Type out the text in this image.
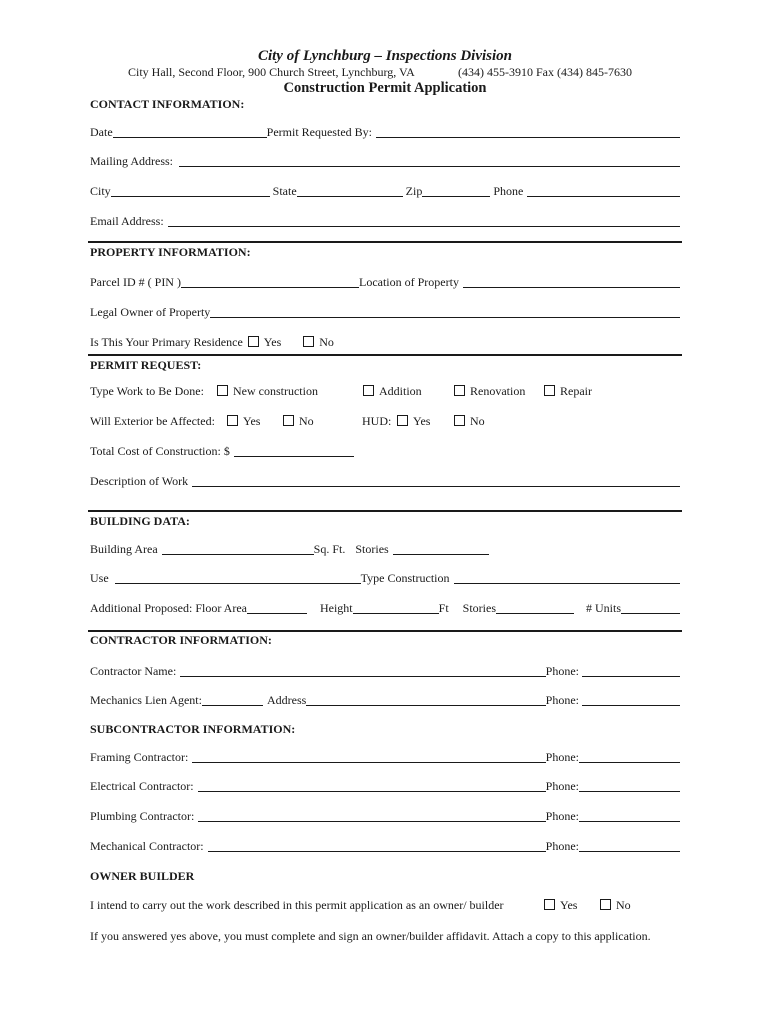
City of Lynchburg – Inspections Division
City Hall, Second Floor, 900 Church Street, Lynchburg, VA	(434) 455-3910 Fax (434) 845-7630
Construction Permit Application
CONTACT INFORMATION:
Date	Permit Requested By:
Mailing Address:
City	State	Zip	Phone
Email Address:
PROPERTY INFORMATION:
Parcel ID # ( PIN )	Location of Property
Legal Owner of Property
Is This Your Primary Residence	Yes	No
PERMIT REQUEST:
Type Work to Be Done:	New construction	Addition	Renovation	Repair
Will Exterior be Affected:	Yes	No	HUD:	Yes	No
Total Cost of Construction: $
Description of Work
BUILDING DATA:
Building Area	Sq. Ft. Stories
Use	Type Construction
Additional Proposed: Floor Area	Height	Ft Stories	# Units
CONTRACTOR INFORMATION:
Contractor Name:	Phone:
Mechanics Lien Agent:	Address	Phone:
SUBCONTRACTOR INFORMATION:
Framing Contractor:	Phone:
Electrical Contractor:	Phone:
Plumbing Contractor:	Phone:
Mechanical Contractor:	Phone:
OWNER BUILDER
I intend to carry out the work described in this permit application as an owner/ builder	Yes	No
If you answered yes above, you must complete and sign an owner/builder affidavit. Attach a copy to this application.
